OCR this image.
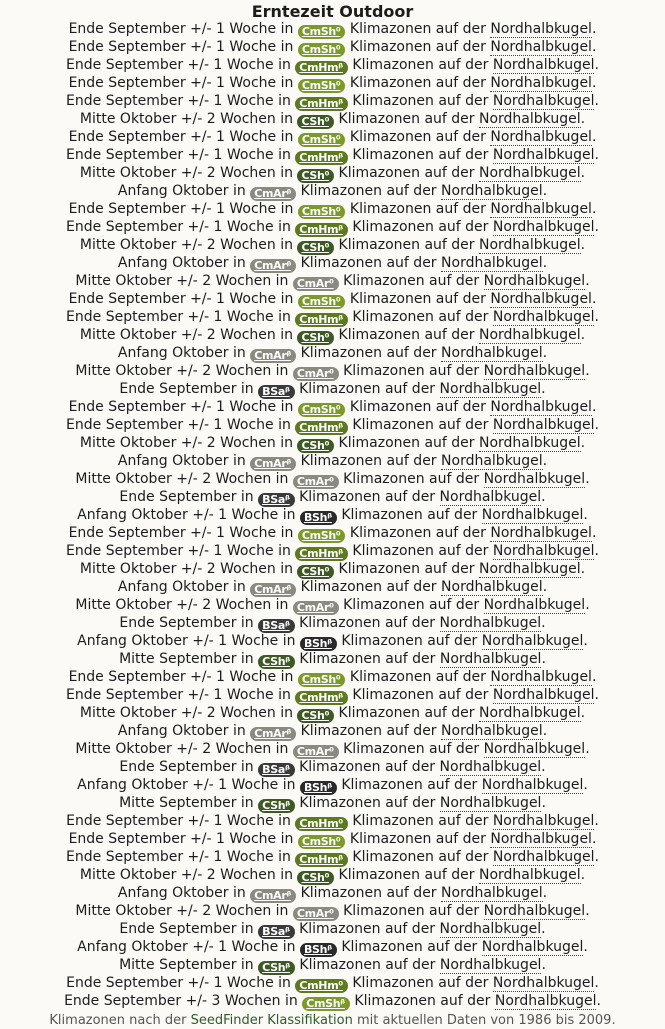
Erntezeit Outdoor
Ende September +/- 1 Woche in CmSh⁰ Klimazonen auf der Nordhalbkugel.
Ende September +/- 1 Woche in CmSh⁰ Klimazonen auf der Nordhalbkugel.
Ende September +/- 1 Woche in CmHmᵝ Klimazonen auf der Nordhalbkugel.
Ende September +/- 1 Woche in CmSh⁰ Klimazonen auf der Nordhalbkugel.
Ende September +/- 1 Woche in CmHmᵝ Klimazonen auf der Nordhalbkugel.
Mitte Oktober +/- 2 Wochen in CSh⁰ Klimazonen auf der Nordhalbkugel.
Ende September +/- 1 Woche in CmSh⁰ Klimazonen auf der Nordhalbkugel.
Ende September +/- 1 Woche in CmHmᵝ Klimazonen auf der Nordhalbkugel.
Mitte Oktober +/- 2 Wochen in CSh⁰ Klimazonen auf der Nordhalbkugel.
Anfang Oktober in CmArᵝ Klimazonen auf der Nordhalbkugel.
Ende September +/- 1 Woche in CmSh⁰ Klimazonen auf der Nordhalbkugel.
Ende September +/- 1 Woche in CmHmᵝ Klimazonen auf der Nordhalbkugel.
Mitte Oktober +/- 2 Wochen in CSh⁰ Klimazonen auf der Nordhalbkugel.
Anfang Oktober in CmArᵝ Klimazonen auf der Nordhalbkugel.
Mitte Oktober +/- 2 Wochen in CmAr⁰ Klimazonen auf der Nordhalbkugel.
Ende September +/- 1 Woche in CmSh⁰ Klimazonen auf der Nordhalbkugel.
Ende September +/- 1 Woche in CmHmᵝ Klimazonen auf der Nordhalbkugel.
Mitte Oktober +/- 2 Wochen in CSh⁰ Klimazonen auf der Nordhalbkugel.
Anfang Oktober in CmArᵝ Klimazonen auf der Nordhalbkugel.
Mitte Oktober +/- 2 Wochen in CmAr⁰ Klimazonen auf der Nordhalbkugel.
Ende September in BSaᵝ Klimazonen auf der Nordhalbkugel.
Ende September +/- 1 Woche in CmSh⁰ Klimazonen auf der Nordhalbkugel.
Ende September +/- 1 Woche in CmHmᵝ Klimazonen auf der Nordhalbkugel.
Mitte Oktober +/- 2 Wochen in CSh⁰ Klimazonen auf der Nordhalbkugel.
Anfang Oktober in CmArᵝ Klimazonen auf der Nordhalbkugel.
Mitte Oktober +/- 2 Wochen in CmAr⁰ Klimazonen auf der Nordhalbkugel.
Ende September in BSaᵝ Klimazonen auf der Nordhalbkugel.
Anfang Oktober +/- 1 Woche in BShᵝ Klimazonen auf der Nordhalbkugel.
Ende September +/- 1 Woche in CmSh⁰ Klimazonen auf der Nordhalbkugel.
Ende September +/- 1 Woche in CmHmᵝ Klimazonen auf der Nordhalbkugel.
Mitte Oktober +/- 2 Wochen in CSh⁰ Klimazonen auf der Nordhalbkugel.
Anfang Oktober in CmArᵝ Klimazonen auf der Nordhalbkugel.
Mitte Oktober +/- 2 Wochen in CmAr⁰ Klimazonen auf der Nordhalbkugel.
Ende September in BSaᵝ Klimazonen auf der Nordhalbkugel.
Anfang Oktober +/- 1 Woche in BShᵝ Klimazonen auf der Nordhalbkugel.
Mitte September in CShᵝ Klimazonen auf der Nordhalbkugel.
Ende September +/- 1 Woche in CmSh⁰ Klimazonen auf der Nordhalbkugel.
Ende September +/- 1 Woche in CmHmᵝ Klimazonen auf der Nordhalbkugel.
Mitte Oktober +/- 2 Wochen in CSh⁰ Klimazonen auf der Nordhalbkugel.
Anfang Oktober in CmArᵝ Klimazonen auf der Nordhalbkugel.
Mitte Oktober +/- 2 Wochen in CmAr⁰ Klimazonen auf der Nordhalbkugel.
Ende September in BSaᵝ Klimazonen auf der Nordhalbkugel.
Anfang Oktober +/- 1 Woche in BShᵝ Klimazonen auf der Nordhalbkugel.
Mitte September in CShᵝ Klimazonen auf der Nordhalbkugel.
Ende September +/- 1 Woche in CmHm⁰ Klimazonen auf der Nordhalbkugel.
Ende September +/- 1 Woche in CmSh⁰ Klimazonen auf der Nordhalbkugel.
Ende September +/- 1 Woche in CmHmᵝ Klimazonen auf der Nordhalbkugel.
Mitte Oktober +/- 2 Wochen in CSh⁰ Klimazonen auf der Nordhalbkugel.
Anfang Oktober in CmArᵝ Klimazonen auf der Nordhalbkugel.
Mitte Oktober +/- 2 Wochen in CmAr⁰ Klimazonen auf der Nordhalbkugel.
Ende September in BSaᵝ Klimazonen auf der Nordhalbkugel.
Anfang Oktober +/- 1 Woche in BShᵝ Klimazonen auf der Nordhalbkugel.
Mitte September in CShᵝ Klimazonen auf der Nordhalbkugel.
Ende September +/- 1 Woche in CmHm⁰ Klimazonen auf der Nordhalbkugel.
Ende September +/- 3 Wochen in CmShᵝ Klimazonen auf der Nordhalbkugel.
Klimazonen nach der SeedFinder Klassifikation mit aktuellen Daten von 1986 bis 2009.
